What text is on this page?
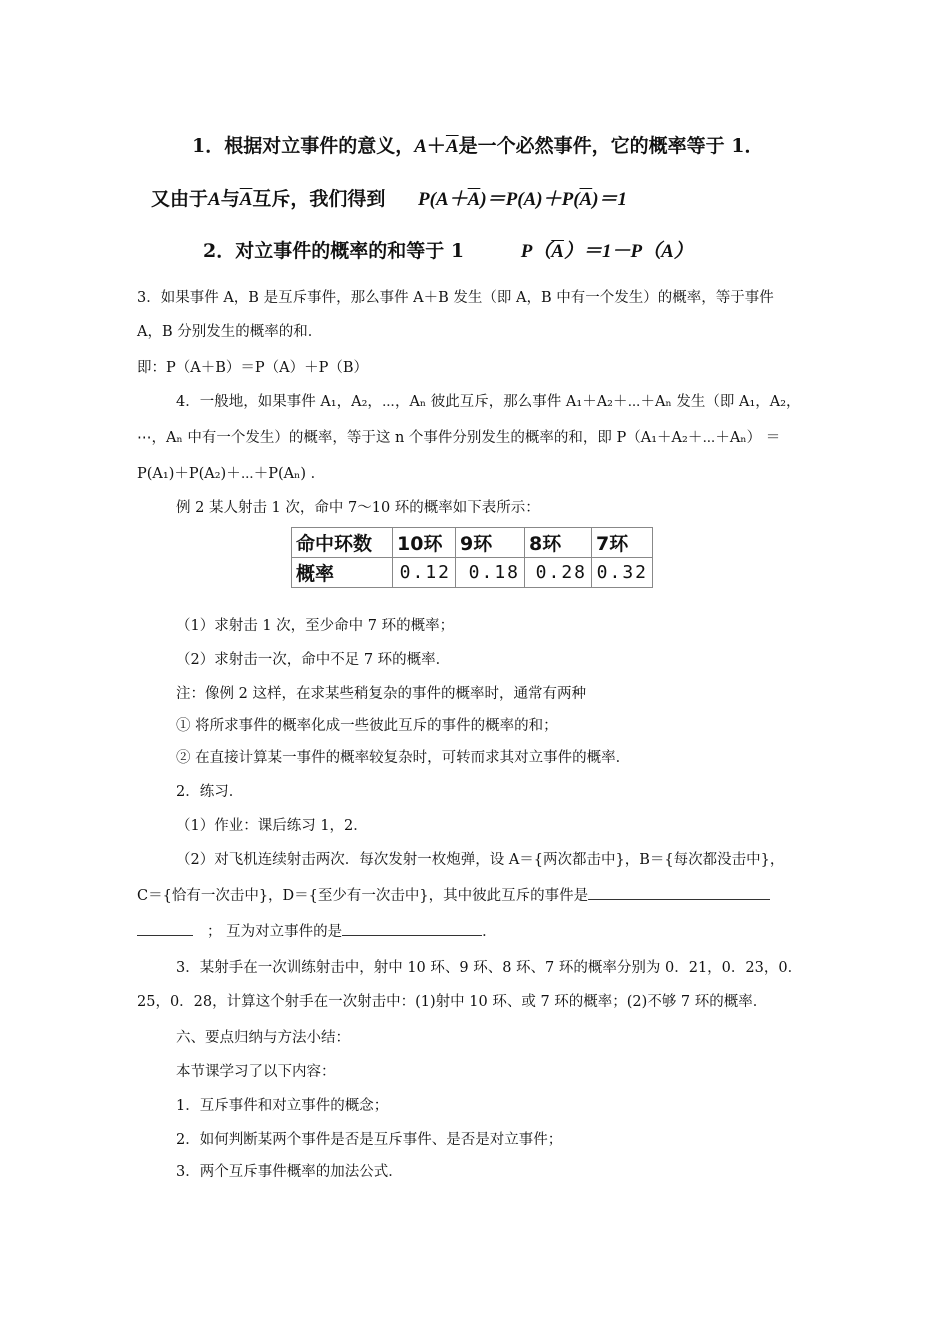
1．根据对立事件的意义，$A+\overline{A}$是一个必然事件，它的概率等于 1．
又由于A与$\overline{A}$互斥，我们得到 $P(A+\overline{A})=P(A)+P(\overline{A})=1$
2．对立事件的概率的和等于 1	$P(\overline{A})=1-P(A)$
3．如果事件 A，B 是互斥事件，那么事件 A＋B 发生（即 A，B 中有一个发生）的概率，等于事件
A，B 分别发生的概率的和．
即：P（A＋B）＝P（A）＋P（B）
4．一般地，如果事件 A₁，A₂，⋯，Aₙ 彼此互斥，那么事件 A₁＋A₂＋⋯＋Aₙ 发生（即 A₁，A₂，
⋯，Aₙ 中有一个发生）的概率，等于这 n 个事件分别发生的概率的和，即 P（A₁＋A₂＋⋯＋Aₙ） ＝
P(A₁)＋P(A₂)＋⋯＋P(Aₙ) ．
例 2 某人射击 1 次，命中 7～10 环的概率如下表所示：
命中环数	10环	9环	8环	7环
概率	0.12	0.18	0.28	0.32
（1）求射击 1 次，至少命中 7 环的概率；
（2）求射击一次，命中不足 7 环的概率．
注：像例 2 这样，在求某些稍复杂的事件的概率时，通常有两种
① 将所求事件的概率化成一些彼此互斥的事件的概率的和；
② 在直接计算某一事件的概率较复杂时，可转而求其对立事件的概率．
2．练习．
（1）作业：课后练习 1，2．
（2）对飞机连续射击两次．每次发射一枚炮弹，设 A＝{两次都击中}，B＝{每次都没击中}，
C＝{恰有一次击中}，D＝{至少有一次击中}，其中彼此互斥的事件是
； 互为对立事件的是	．
3．某射手在一次训练射击中，射中 10 环、9 环、8 环、7 环的概率分别为 0．21，0．23，0．
25，0．28，计算这个射手在一次射击中：(1)射中 10 环、或 7 环的概率；(2)不够 7 环的概率．
六、要点归纳与方法小结：
本节课学习了以下内容：
1．互斥事件和对立事件的概念；
2．如何判断某两个事件是否是互斥事件、是否是对立事件；
3．两个互斥事件概率的加法公式．
